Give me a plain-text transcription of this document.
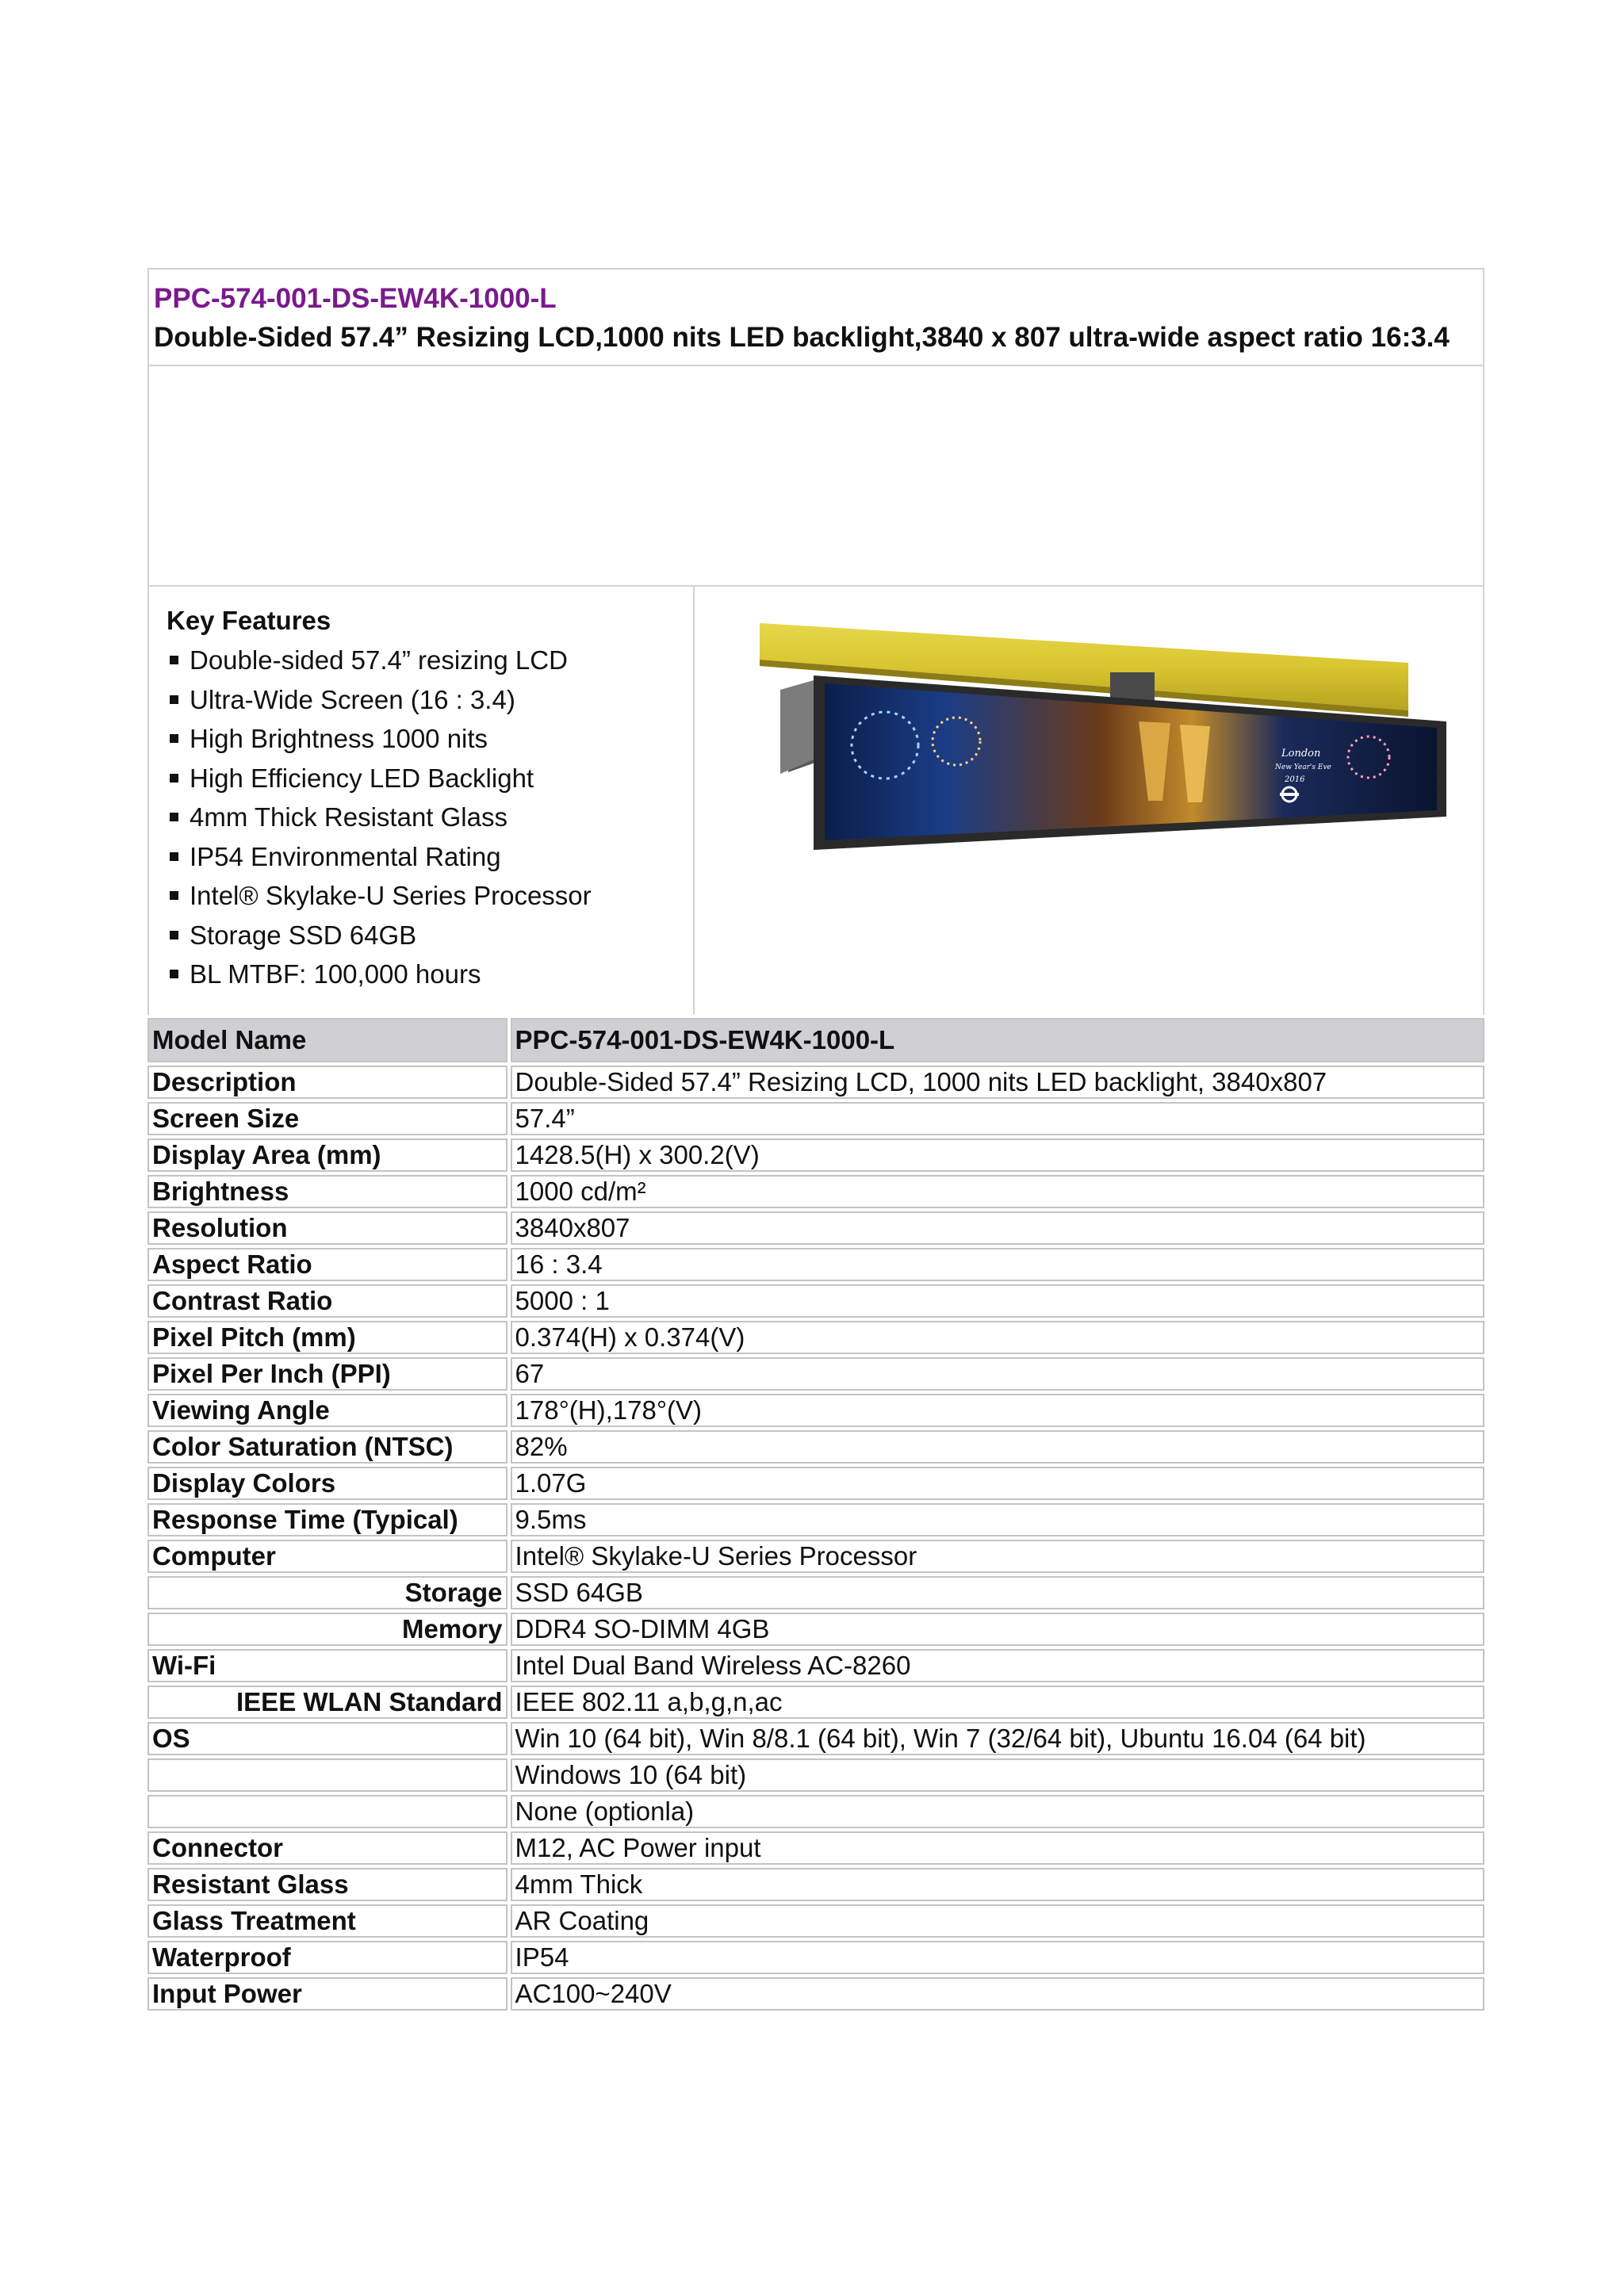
PPC-574-001-DS-EW4K-1000-L
Double-Sided 57.4” Resizing LCD,1000 nits LED backlight,3840 x 807 ultra-wide aspect ratio 16:3.4
Key Features
Double-sided 57.4” resizing LCD
Ultra-Wide Screen (16 : 3.4)
High Brightness 1000 nits
High Efficiency LED Backlight
4mm Thick Resistant Glass
IP54 Environmental Rating
Intel® Skylake-U Series Processor
Storage SSD 64GB
BL MTBF: 100,000 hours
London
New Year's Eve
2016
Model Name	PPC-574-001-DS-EW4K-1000-L
Description	Double-Sided 57.4” Resizing LCD, 1000 nits LED backlight, 3840x807
Screen Size	57.4”
Display Area (mm)	1428.5(H) x 300.2(V)
Brightness	1000 cd/m²
Resolution	3840x807
Aspect Ratio	16 : 3.4
Contrast Ratio	5000 : 1
Pixel Pitch (mm)	0.374(H) x 0.374(V)
Pixel Per Inch (PPI)	67
Viewing Angle	178°(H),178°(V)
Color Saturation (NTSC)	82%
Display Colors	1.07G
Response Time (Typical)	9.5ms
Computer	Intel® Skylake-U Series Processor
Storage	SSD 64GB
Memory	DDR4 SO-DIMM 4GB
Wi-Fi	Intel Dual Band Wireless AC-8260
IEEE WLAN Standard	IEEE 802.11 a,b,g,n,ac
OS	Win 10 (64 bit), Win 8/8.1 (64 bit), Win 7 (32/64 bit), Ubuntu 16.04 (64 bit)
	Windows 10 (64 bit)
	None (optionla)
Connector	M12, AC Power input
Resistant Glass	4mm Thick
Glass Treatment	AR Coating
Waterproof	IP54
Input Power	AC100~240V
